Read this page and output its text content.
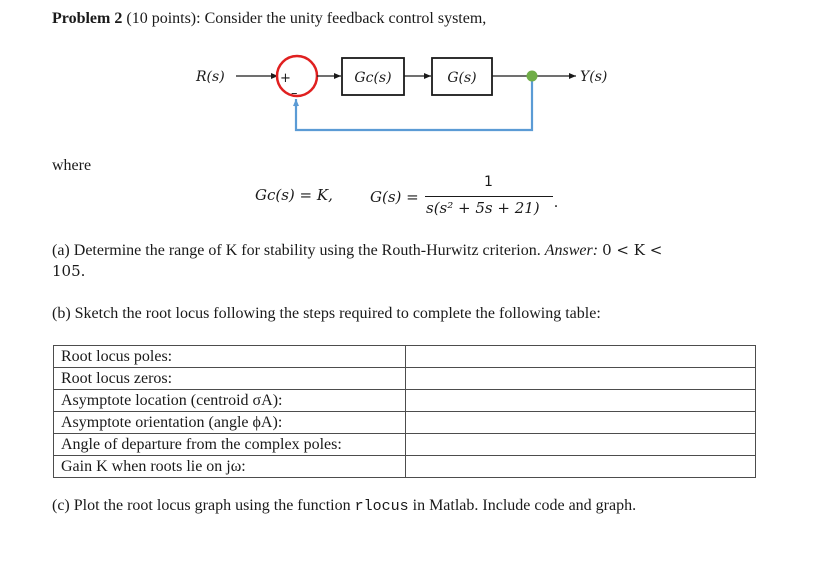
Problem 2 (10 points): Consider the unity feedback control system,
R(s)	+
–
Gc(s)	G(s)	Y(s)
where
Gc(s) = K, G(s) =
1
s(s² + 5s + 21) .
(a) Determine the range of K for stability using the Routh-Hurwitz criterion. Answer: 0 < K <
105.
(b) Sketch the root locus following the steps required to complete the following table:
Root locus poles:	
Root locus zeros:	
Asymptote location (centroid σA):	
Asymptote orientation (angle ϕA):	
Angle of departure from the complex poles:	
Gain K when roots lie on jω:	
(c) Plot the root locus graph using the function rlocus in Matlab. Include code and graph.
